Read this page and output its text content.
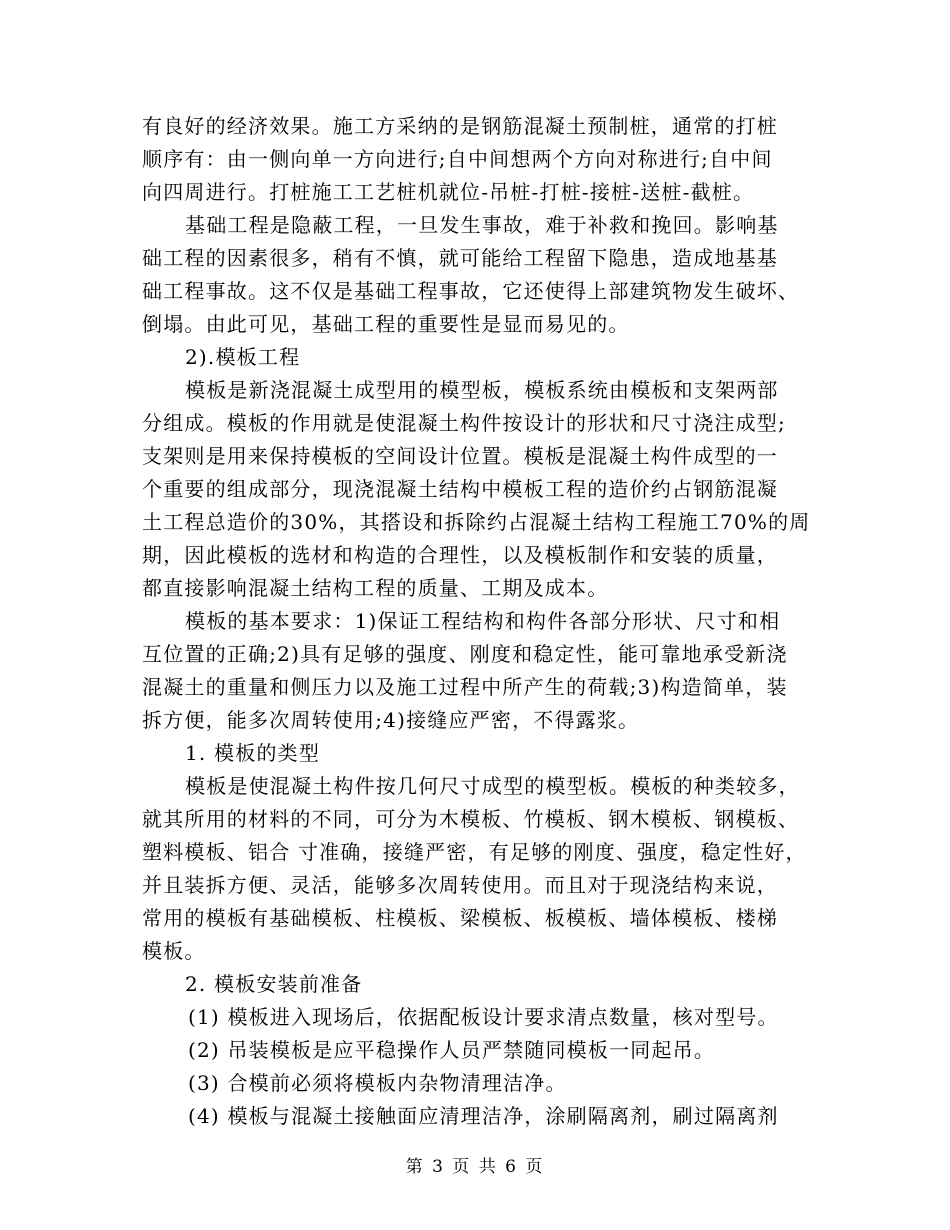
有良好的经济效果。施工方采纳的是钢筋混凝土预制桩，通常的打桩
顺序有：由一侧向单一方向进行;自中间想两个方向对称进行;自中间
向四周进行。打桩施工工艺桩机就位-吊桩-打桩-接桩-送桩-截桩。
基础工程是隐蔽工程，一旦发生事故，难于补救和挽回。影响基
础工程的因素很多，稍有不慎，就可能给工程留下隐患，造成地基基
础工程事故。这不仅是基础工程事故，它还使得上部建筑物发生破坏、
倒塌。由此可见，基础工程的重要性是显而易见的。
2).模板工程
模板是新浇混凝土成型用的模型板，模板系统由模板和支架两部
分组成。模板的作用就是使混凝土构件按设计的形状和尺寸浇注成型;
支架则是用来保持模板的空间设计位置。模板是混凝土构件成型的一
个重要的组成部分，现浇混凝土结构中模板工程的造价约占钢筋混凝
土工程总造价的30%，其搭设和拆除约占混凝土结构工程施工70%的周
期，因此模板的选材和构造的合理性，以及模板制作和安装的质量，
都直接影响混凝土结构工程的质量、工期及成本。
模板的基本要求：1)保证工程结构和构件各部分形状、尺寸和相
互位置的正确;2)具有足够的强度、刚度和稳定性，能可靠地承受新浇
混凝土的重量和侧压力以及施工过程中所产生的荷载;3)构造简单，装
拆方便，能多次周转使用;4)接缝应严密，不得露浆。
1. 模板的类型
模板是使混凝土构件按几何尺寸成型的模型板。模板的种类较多，
就其所用的材料的不同，可分为木模板、竹模板、钢木模板、钢模板、
塑料模板、铝合 寸准确，接缝严密，有足够的刚度、强度，稳定性好，
并且装拆方便、灵活，能够多次周转使用。而且对于现浇结构来说，
常用的模板有基础模板、柱模板、梁模板、板模板、墙体模板、楼梯
模板。
2. 模板安装前准备
(1) 模板进入现场后，依据配板设计要求清点数量，核对型号。
(2) 吊装模板是应平稳操作人员严禁随同模板一同起吊。
(3) 合模前必须将模板内杂物清理洁净。
(4) 模板与混凝土接触面应清理洁净，涂刷隔离剂，刷过隔离剂
第 3 页 共 6 页
